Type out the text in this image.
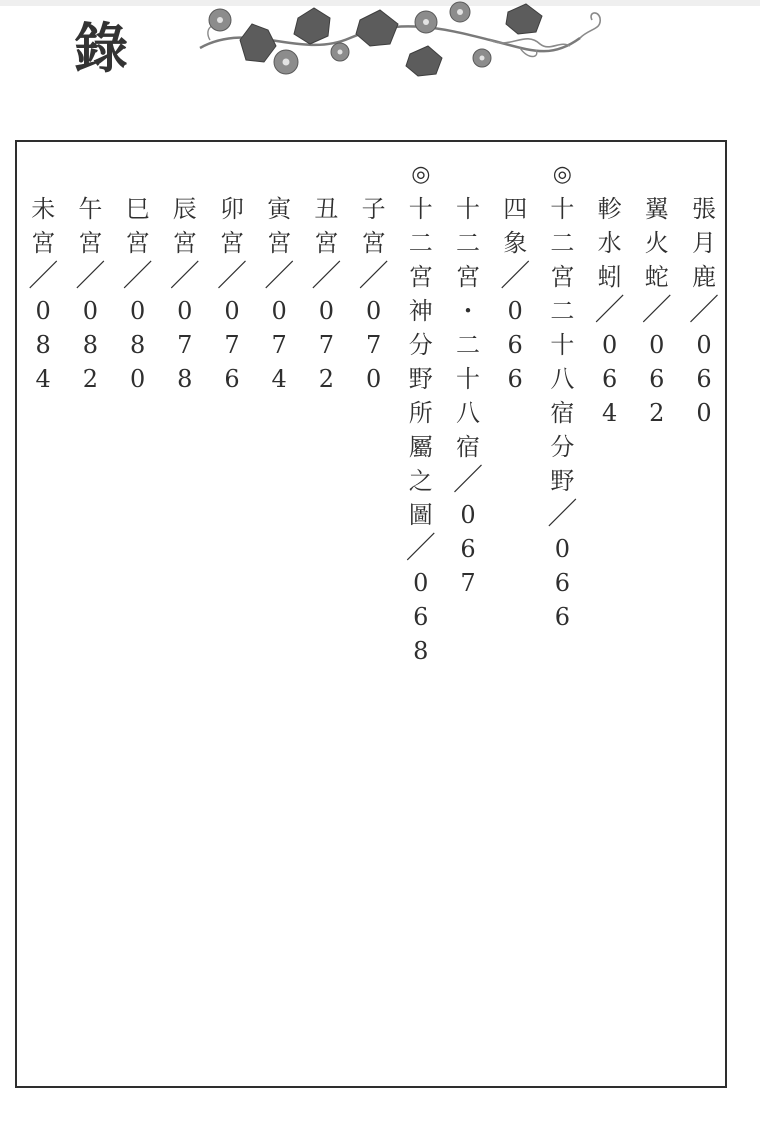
錄
張
月
鹿
／
0
6
0
翼
火
蛇
／
0
6
2
軫
水
蚓
／
0
6
4
◎
十
二
宮
二
十
八
宿
分
野
／
0
6
6
四
象
／
0
6
6
十
二
宮
・
二
十
八
宿
／
0
6
7
◎
十
二
宮
神
分
野
所
屬
之
圖
／
0
6
8
子
宮
／
0
7
0
丑
宮
／
0
7
2
寅
宮
／
0
7
4
卯
宮
／
0
7
6
辰
宮
／
0
7
8
巳
宮
／
0
8
0
午
宮
／
0
8
2
未
宮
／
0
8
4
